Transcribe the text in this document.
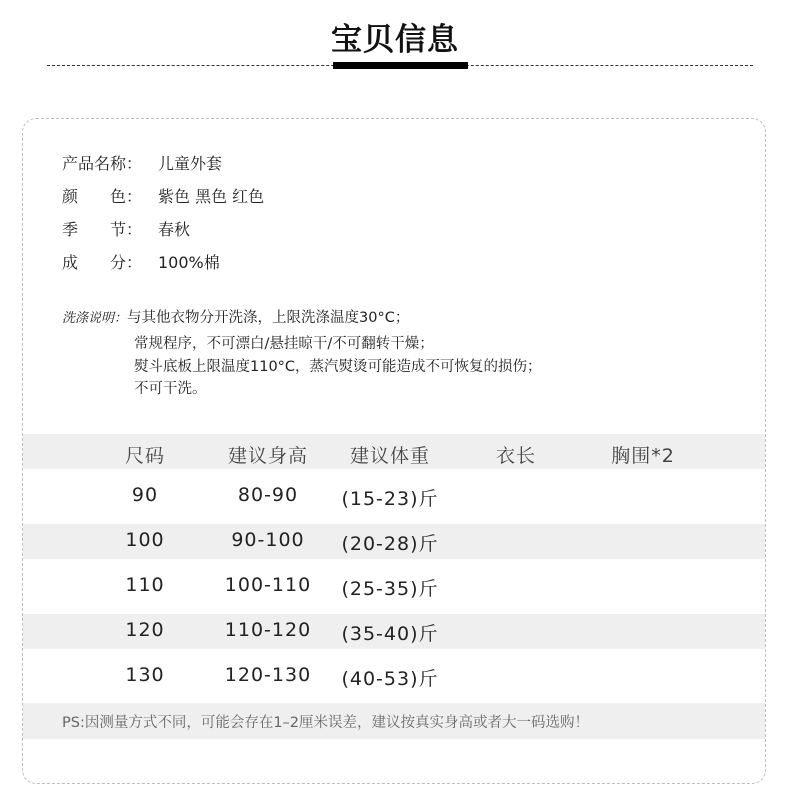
宝贝信息
产品名称： 儿童外套
颜　　色： 紫色 黑色 红色
季　　节： 春秋
成　　分： 100%棉
洗涤说明：与其他衣物分开洗涤，上限洗涤温度30°C；
常规程序，不可漂白/悬挂晾干/不可翻转干燥；
熨斗底板上限温度110°C，蒸汽熨烫可能造成不可恢复的损伤；
不可干洗。
尺码	建议身高	建议体重	衣长	胸围*2
90	80-90	(15-23)斤
100	90-100	(20-28)斤
110	100-110	(25-35)斤
120	110-120	(35-40)斤
130	120-130	(40-53)斤
PS:因测量方式不同，可能会存在1–2厘米误差，建议按真实身高或者大一码选购！
